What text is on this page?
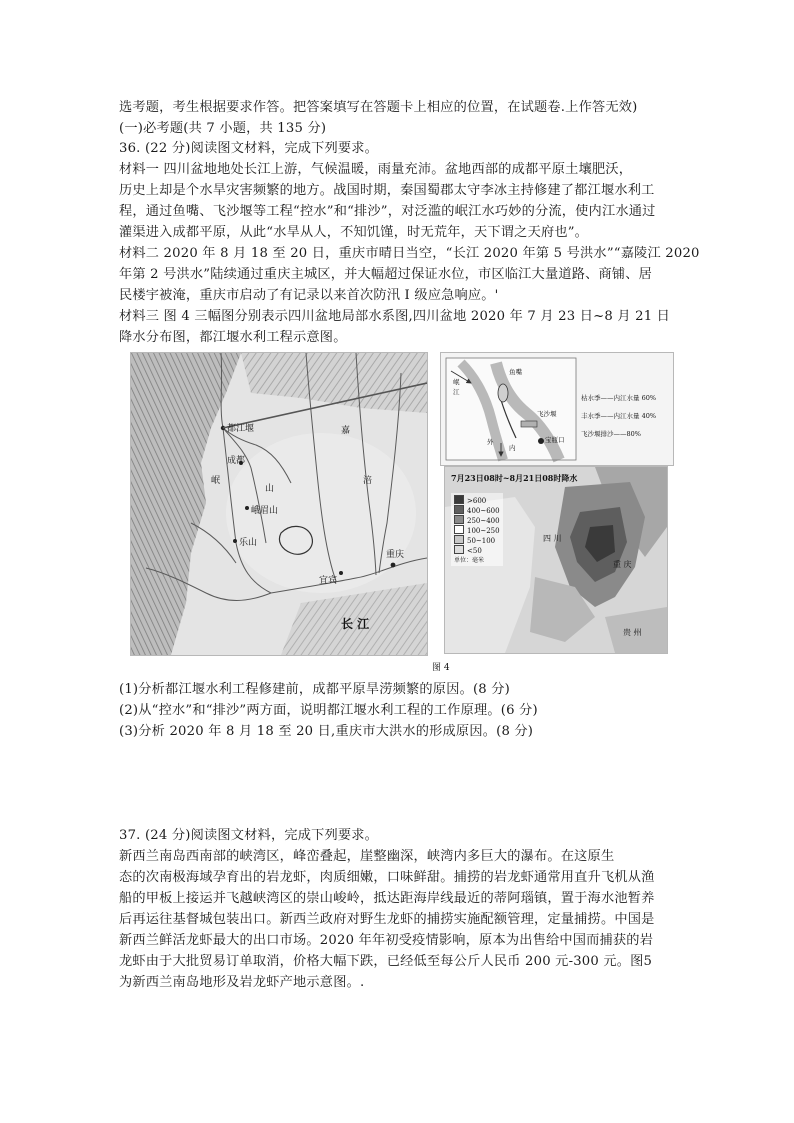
选考题，考生根据要求作答。把答案填写在答题卡上相应的位置，在试题卷.上作答无效)
(一)必考题(共 7 小题，共 135 分)
36. (22 分)阅读图文材料，完成下列要求。
材料一 四川盆地地处长江上游，气候温暖，雨量充沛。盆地西部的成都平原土壤肥沃，
历史上却是个水旱灾害频繁的地方。战国时期，秦国蜀郡太守李冰主持修建了都江堰水利工
程，通过鱼嘴、飞沙堰等工程“控水”和“排沙”，对泛滥的岷江水巧妙的分流，使内江水通过
灌渠进入成都平原，从此“水旱从人，不知饥馑，时无荒年，天下谓之天府也”。
材料二 2020 年 8 月 18 至 20 日，重庆市晴日当空，“长江 2020 年第 5 号洪水”“嘉陵江 2020
年第 2 号洪水”陆续通过重庆主城区，并大幅超过保证水位，市区临江大量道路、商铺、居
民楼宇被淹，重庆市启动了有记录以来首次防汛 I 级应急响应。'
材料三 图 4 三幅图分别表示四川盆地局部水系图,四川盆地 2020 年 7 月 23 日~8 月 21 日
降水分布图，都江堰水利工程示意图。
都江堰
成都
峨眉山
乐山
宜宾
重庆
长 江
岷
嘉
山
涪
岷
江
鱼嘴
飞沙堰
宝瓶口
外
内
枯水季——内江水量 60%
丰水季——内江水量 40%
飞沙堰排沙——80%
7月23日08时~8月21日08时降水
>600
400~600
250~400
100~250
50~100
<50
单位：毫米
四 川
重 庆
贵 州
图 4
(1)分析都江堰水利工程修建前，成都平原旱涝频繁的原因。(8 分)
(2)从“控水”和“排沙”两方面，说明都江堰水利工程的工作原理。(6 分)
(3)分析 2020 年 8 月 18 至 20 日,重庆市大洪水的形成原因。(8 分)
37. (24 分)阅读图文材料，完成下列要求。
新西兰南岛西南部的峡湾区，峰峦叠起，崖整幽深，峡湾内多巨大的瀑布。在这原生
态的次南极海域孕育出的岩龙虾，肉质细嫩，口味鲜甜。捕捞的岩龙虾通常用直升飞机从渔
船的甲板上接运并飞越峡湾区的崇山峻岭，抵达距海岸线最近的蒂阿瑙镇，置于海水池暂养
后再运往基督城包装出口。新西兰政府对野生龙虾的捕捞实施配额管理，定量捕捞。中国是
新西兰鲜活龙虾最大的出口市场。2020 年年初受疫情影响，原本为出售给中国而捕获的岩
龙虾由于大批贸易订单取消，价格大幅下跌，已经低至每公斤人民币 200 元-300 元。图5
为新西兰南岛地形及岩龙虾产地示意图。.
